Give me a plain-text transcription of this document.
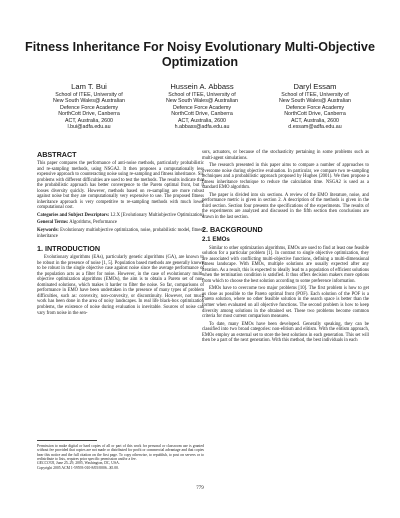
Fitness Inheritance For Noisy Evolutionary Multi-Objective Optimization
Lam T. Bui
School of ITEE, University of
New South Wales@ Australian
Defence Force Academy
NorthCott Drive, Canberra
ACT, Australia, 2600
l.bui@adfa.edu.au
Hussein A. Abbass
School of ITEE, University of
New South Wales@ Australian
Defence Force Academy
NorthCott Drive, Canberra
ACT, Australia, 2600
h.abbass@adfa.edu.au
Daryl Essam
School of ITEE, University of
New South Wales@ Australian
Defence Force Academy
NorthCott Drive, Canberra
ACT, Australia, 2600
d.essam@adfa.edu.au
ABSTRACT

This paper compares the performance of anti-noise methods, particularly probabilistic and re-sampling methods, using NSGA2. It then proposes a computationally less expensive approach to counteracting noise using re-sampling and fitness inheritance. Six problems with different difficulties are used to test the methods. The results indicate that the probabilistic approach has better convergence to the Pareto optimal front, but it looses diversity quickly. However, methods based on re-sampling are more robust against noise but they are computationally very expensive to use. The proposed fitness inheritance approach is very competitive to re-sampling methods with much lower computational cost.

Categories and Subject Descriptors: I.2.X [Evolutionary Multiobjective Optimization]

General Terms: Algorithms, Performance

Keywords: Evolutionary multiobjective optimization, noise, probabilistic model, fitness inheritance

1. INTRODUCTION

Evolutionary algorithms (EAs), particularly genetic algorithms (GA), are known to be robust in the presence of noise [1, 5]. Population based methods are generally known to be robust in the single objective case against noise since the average performance of the population acts as a filter for noise. However, in the case of evolutionary multi-objective optimization algorithms (EMOs), the aim is to obtain a Pareto set of non-dominated solutions, which makes it harder to filter the noise. So far, comparisons of performance in EMO have been undertaken in the presence of many types of problem difficulties, such as: convexity, non-convexity, or discontinuity. However, not much work has been done in the area of noisy landscapes. In real life black-box optimization problems, the existence of noise during evaluation is inevitable. Sources of noise can vary from noise in the sen-

sors, actuators, or because of the stochasticity pertaining in some problems such as multi-agent simulations.

The research presented in this paper aims to compare a number of approaches to overcome noise during objective evaluation. In particular, we compare two re-sampling techniques and a probabilistic approach proposed by Hughes (2001). We then propose a fitness inheritance technique to reduce the calculation time. NSGA2 is used as a standard EMO algorithm.

The paper is divided into six sections. A review of the EMO literature, noise, and performance metric is given in section 2. A description of the methods is given in the third section. Section four presents the specifications of the experiments. The results of the experiments are analyzed and discussed in the fifth section then conclusions are drawn in the last section.

2. BACKGROUND
2.1 EMOs

Similar to other optimization algorithms, EMOs are used to find at least one feasible solution for a particular problem [1]. In contrast to single objective optimization, they are associated with conflicting multi-objective functions, defining a multi-dimensional fitness landscape. With EMOs, multiple solutions are usually expected after any iteration. As a result, this is expected to ideally lead to a population of efficient solutions when the termination condition is satisfied. It thus offers decision makers more options from which to choose the best solution according to some preference information.

EMOs have to overcome two major problems [10]. The first problem is how to get as close as possible to the Pareto optimal front (POF). Each solution of the POF is a Pareto solution, where no other feasible solution in the search space is better than the former when evaluated on all objective functions. The second problem is how to keep diversity among solutions in the obtained set. These two problems become common criteria for most current comparison measures.

To date, many EMOs have been developed. Generally speaking, they can be classified into two broad categories: non-elitism and elitism. With the elitism approach, EMOs employ an external set to store the best solutions in each generation. This set will then be a part of the next generation. With this method, the best individuals in each

Permission to make digital or hard copies of all or part of this work for personal or classroom use is granted without fee provided that copies are not made or distributed for profit or commercial advantage and that copies bear this notice and the full citation on the first page. To copy otherwise, to republish, to post on servers or to redistribute to lists, requires prior specific permission and/or a fee.
GECCO'05, June 25–29, 2005, Washington, DC, USA.
Copyright 2005 ACM 1-59593-010-8/05/0006...$5.00.
779
